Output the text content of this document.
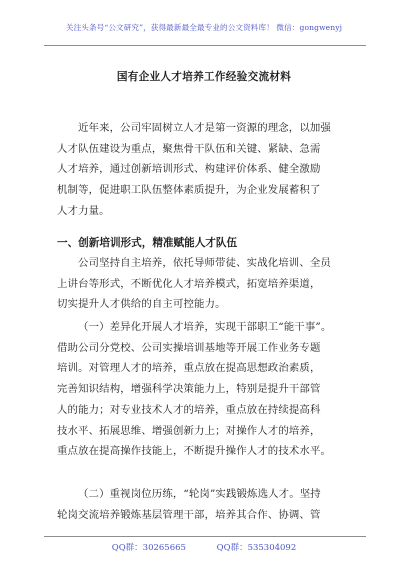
关注头条号“公文研究”，获得最新最全最专业的公文资料库！ 微信：gongwenyj
国有企业人才培养工作经验交流材料
近年来，公司牢固树立人才是第一资源的理念，以加强
人才队伍建设为重点，聚焦骨干队伍和关键、紧缺、急需
人才培养，通过创新培训形式、构建评价体系、健全激励
机制等，促进职工队伍整体素质提升，为企业发展蓄积了
人才力量。
一、创新培训形式，精准赋能人才队伍
公司坚持自主培养，依托导师带徒、实战化培训、全员
上讲台等形式，不断优化人才培养模式，拓宽培养渠道，
切实提升人才供给的自主可控能力。
（一）差异化开展人才培养，实现干部职工“能干事”。
借助公司分党校、公司实操培训基地等开展工作业务专题
培训。对管理人才的培养，重点放在提高思想政治素质，
完善知识结构，增强科学决策能力上，特别是提升干部管
人的能力；对专业技术人才的培养，重点放在持续提高科
技水平、拓展思维、增强创新力上；对操作人才的培养，
重点放在提高操作技能上，不断提升操作人才的技术水平。
（二）重视岗位历练，“轮岗”实践锻炼选人才。坚持
轮岗交流培养锻炼基层管理干部，培养其合作、协调、管
QQ群：30265665	QQ群：535304092
